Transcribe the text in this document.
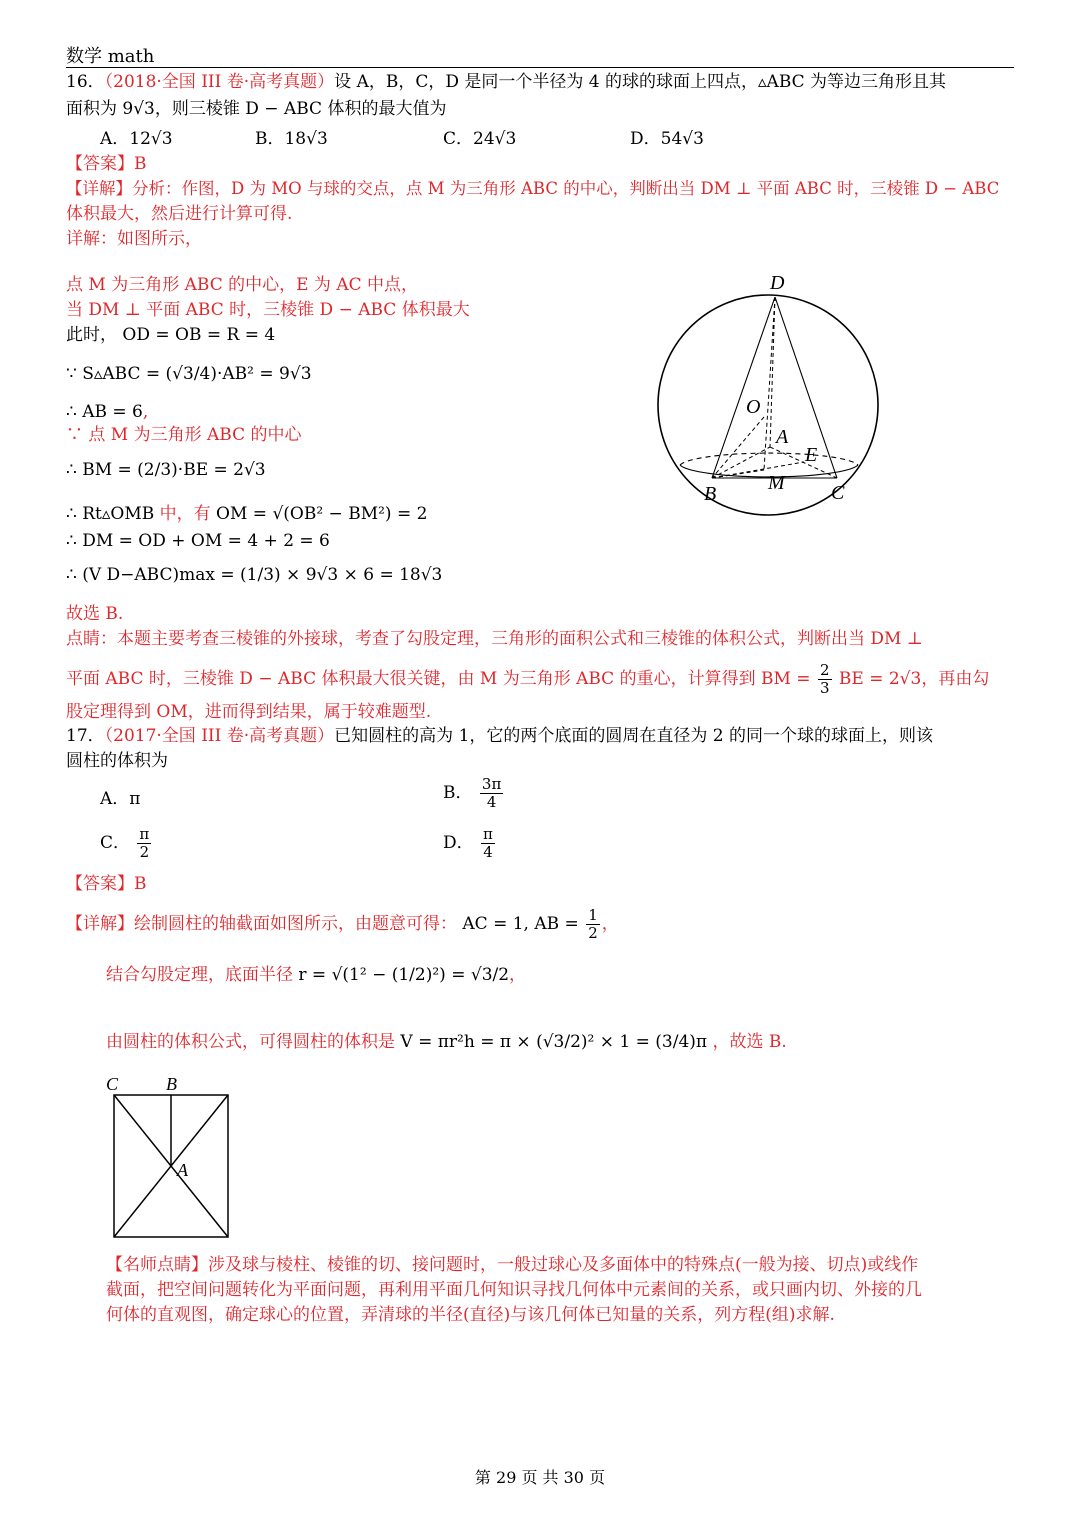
数学 math
16．（2018·全国 III 卷·高考真题）设 A，B，C，D 是同一个半径为 4 的球的球面上四点，▵ABC 为等边三角形且其
面积为 9√3，则三棱锥 D − ABC 体积的最大值为
A．12√3	B．18√3	C．24√3	D．54√3
【答案】B
【详解】分析：作图，D 为 MO 与球的交点，点 M 为三角形 ABC 的中心，判断出当 DM ⊥ 平面 ABC 时，三棱锥 D − ABC
体积最大，然后进行计算可得.
详解：如图所示，
点 M 为三角形 ABC 的中心，E 为 AC 中点，
当 DM ⊥ 平面 ABC 时，三棱锥 D − ABC 体积最大
此时， OD = OB = R = 4
∵ S▵ABC = (√3/4)·AB² = 9√3
∴ AB = 6,
∵ 点 M 为三角形 ABC 的中心
∴ BM = (2/3)·BE = 2√3
∴ Rt▵OMB 中，有 OM = √(OB² − BM²) = 2
∴ DM = OD + OM = 4 + 2 = 6
∴ (V D−ABC)max = (1/3) × 9√3 × 6 = 18√3
故选 B.
点睛：本题主要考查三棱锥的外接球，考查了勾股定理，三角形的面积公式和三棱锥的体积公式，判断出当 DM ⊥
平面 ABC 时，三棱锥 D − ABC 体积最大很关键，由 M 为三角形 ABC 的重心，计算得到 BM = $\frac{2}{3}$ BE = 2√3，再由勾
股定理得到 OM，进而得到结果，属于较难题型.
D
O
A
E
M
B	C
17．（2017·全国 III 卷·高考真题）已知圆柱的高为 1，它的两个底面的圆周在直径为 2 的同一个球的球面上，则该
圆柱的体积为
A．π	B． $\frac{3\pi}{4}$
C． $\frac{\pi}{2}$	D． $\frac{\pi}{4}$
【答案】B
【详解】绘制圆柱的轴截面如图所示，由题意可得： AC = 1, AB = $\frac{1}{2}$ ，
结合勾股定理，底面半径 r = √(1² − (1/2)²) = √3/2，
由圆柱的体积公式，可得圆柱的体积是 V = πr²h = π × (√3/2)² × 1 = (3/4)π ，故选 B.
C	B
A
【名师点睛】涉及球与棱柱、棱锥的切、接问题时，一般过球心及多面体中的特殊点(一般为接、切点)或线作
截面，把空间问题转化为平面问题，再利用平面几何知识寻找几何体中元素间的关系，或只画内切、外接的几
何体的直观图，确定球心的位置，弄清球的半径(直径)与该几何体已知量的关系，列方程(组)求解.
第 29 页 共 30 页
